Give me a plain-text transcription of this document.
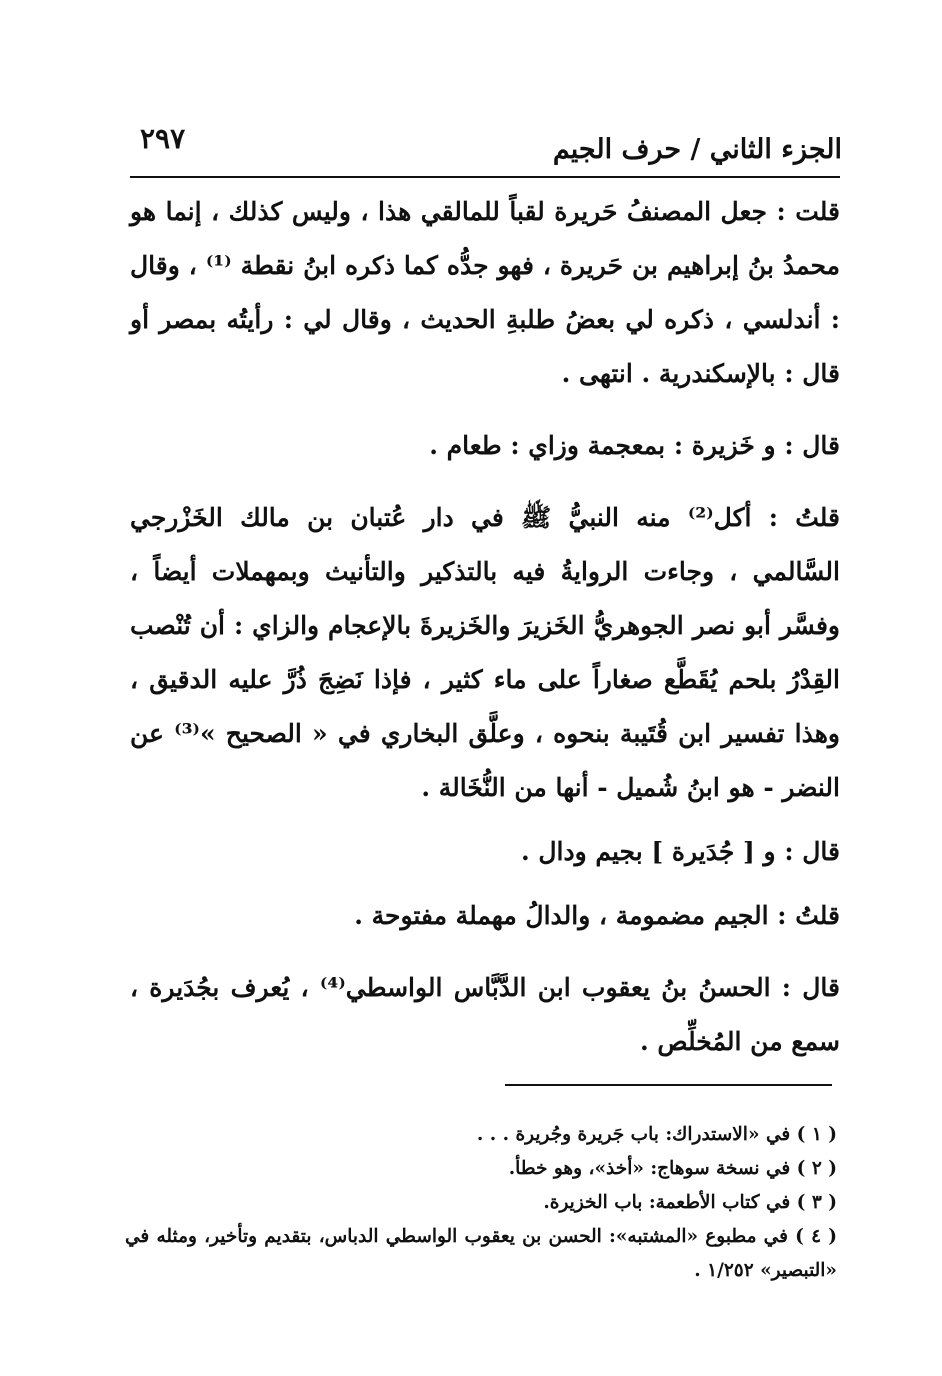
الجزء الثاني / حرف الجيم
٢٩٧

قلت : جعل المصنفُ حَريرة لقباً للمالقي هذا ، وليس كذلك ، إنما هو محمدُ بنُ إبراهيم بن حَريرة ، فهو جدُّه كما ذكره ابنُ نقطة ⁽¹⁾ ، وقال : أندلسي ، ذكره لي بعضُ طلبةِ الحديث ، وقال لي : رأيتُه بمصر أو قال : بالإسكندرية . انتهى .

قال : و خَزيرة : بمعجمة وزاي : طعام .

قلتُ : أكل⁽²⁾ منه النبيُّ ﷺ في دار عُتبان بن مالك الخَزْرجي السَّالمي ، وجاءت الروايةُ فيه بالتذكير والتأنيث وبمهملات أيضاً ، وفسَّر أبو نصر الجوهريُّ الخَزيرَ والخَزيرةَ بالإعجام والزاي : أن تُنْصب القِدْرُ بلحم يُقَطَّع صغاراً على ماء كثير ، فإذا نَضِجَ ذُرَّ عليه الدقيق ، وهذا تفسير ابن قُتَيبة بنحوه ، وعلَّق البخاري في « الصحيح »⁽³⁾ عن النضر - هو ابنُ شُميل - أنها من النُّخَالة .

قال : و [ جُدَيرة ] بجيم ودال .

قلتُ : الجيم مضمومة ، والدالُ مهملة مفتوحة .

قال : الحسنُ بنُ يعقوب ابن الدَّبَّاس الواسطي⁽⁴⁾ ، يُعرف بجُدَيرة ، سمع من المُخلِّص .

( ١ ) في «الاستدراك: باب جَريرة وجُريرة . . .

( ٢ ) في نسخة سوهاج: «أخذ»، وهو خطأ.

( ٣ ) في كتاب الأطعمة: باب الخزيرة.

( ٤ ) في مطبوع «المشتبه»: الحسن بن يعقوب الواسطي الدباس، بتقديم وتأخير، ومثله في «التبصير» ١/٢٥٢ .
